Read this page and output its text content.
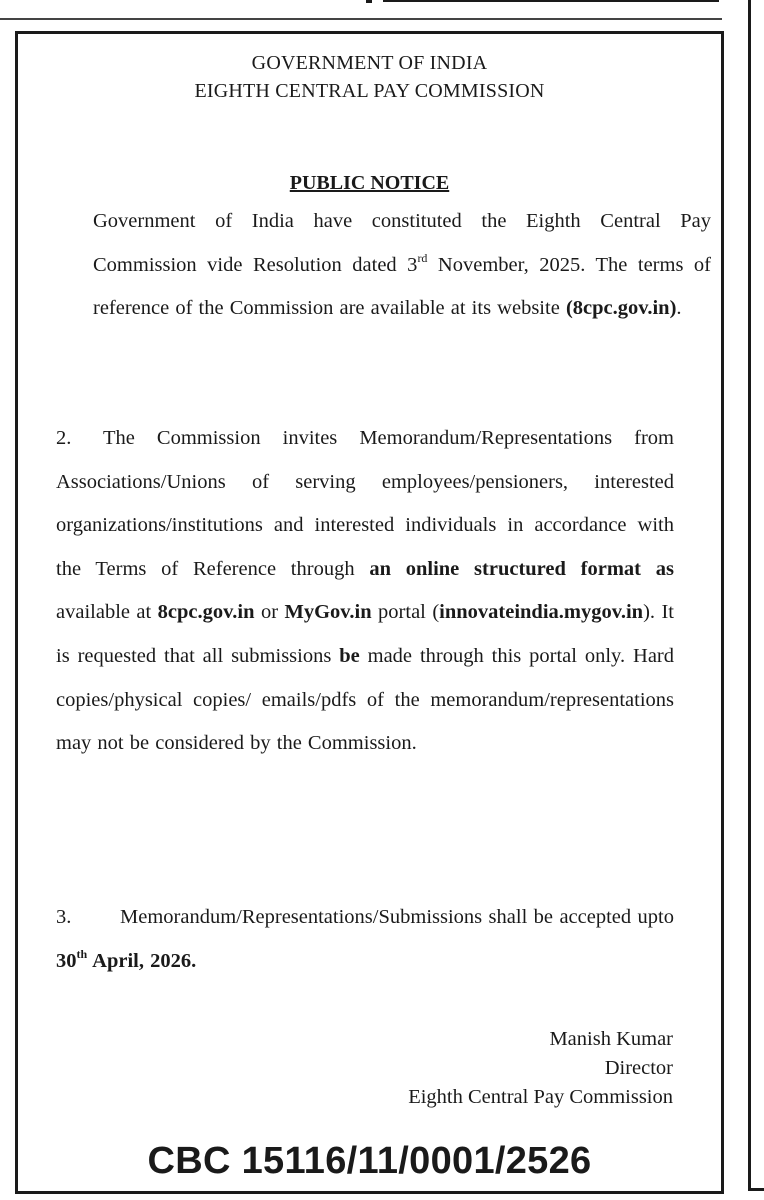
GOVERNMENT OF INDIA
EIGHTH CENTRAL PAY COMMISSION
PUBLIC NOTICE
Government of India have constituted the Eighth Central Pay Commission vide Resolution dated 3rd November, 2025. The terms of reference of the Commission are available at its website (8cpc.gov.in).
2. The Commission invites Memorandum/Representations from Associations/Unions of serving employees/pensioners, interested organizations/institutions and interested individuals in accordance with the Terms of Reference through an online structured format as available at 8cpc.gov.in or MyGov.in portal (innovateindia.mygov.in). It is requested that all submissions be made through this portal only. Hard copies/physical copies/ emails/pdfs of the memorandum/representations may not be considered by the Commission.
3. Memorandum/Representations/Submissions shall be accepted upto 30th April, 2026.
Manish Kumar
Director
Eighth Central Pay Commission
CBC 15116/11/0001/2526
